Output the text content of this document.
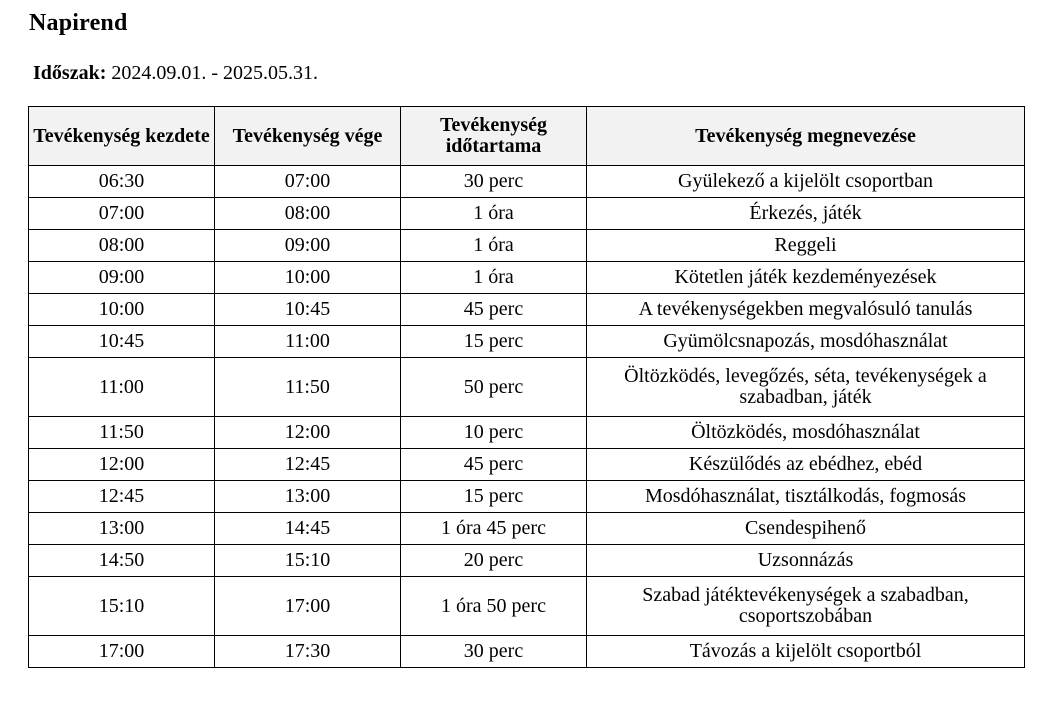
Napirend
Időszak: 2024.09.01. - 2025.05.31.
Tevékenység kezdete	Tevékenység vége	Tevékenység időtartama	Tevékenység megnevezése
06:30	07:00	30 perc	Gyülekező a kijelölt csoportban
07:00	08:00	1 óra	Érkezés, játék
08:00	09:00	1 óra	Reggeli
09:00	10:00	1 óra	Kötetlen játék kezdeményezések
10:00	10:45	45 perc	A tevékenységekben megvalósuló tanulás
10:45	11:00	15 perc	Gyümölcsnapozás, mosdóhasználat
11:00	11:50	50 perc	Öltözködés, levegőzés, séta, tevékenységek a szabadban, játék
11:50	12:00	10 perc	Öltözködés, mosdóhasználat
12:00	12:45	45 perc	Készülődés az ebédhez, ebéd
12:45	13:00	15 perc	Mosdóhasználat, tisztálkodás, fogmosás
13:00	14:45	1 óra 45 perc	Csendespihenő
14:50	15:10	20 perc	Uzsonnázás
15:10	17:00	1 óra 50 perc	Szabad játéktevékenységek a szabadban, csoportszobában
17:00	17:30	30 perc	Távozás a kijelölt csoportból
